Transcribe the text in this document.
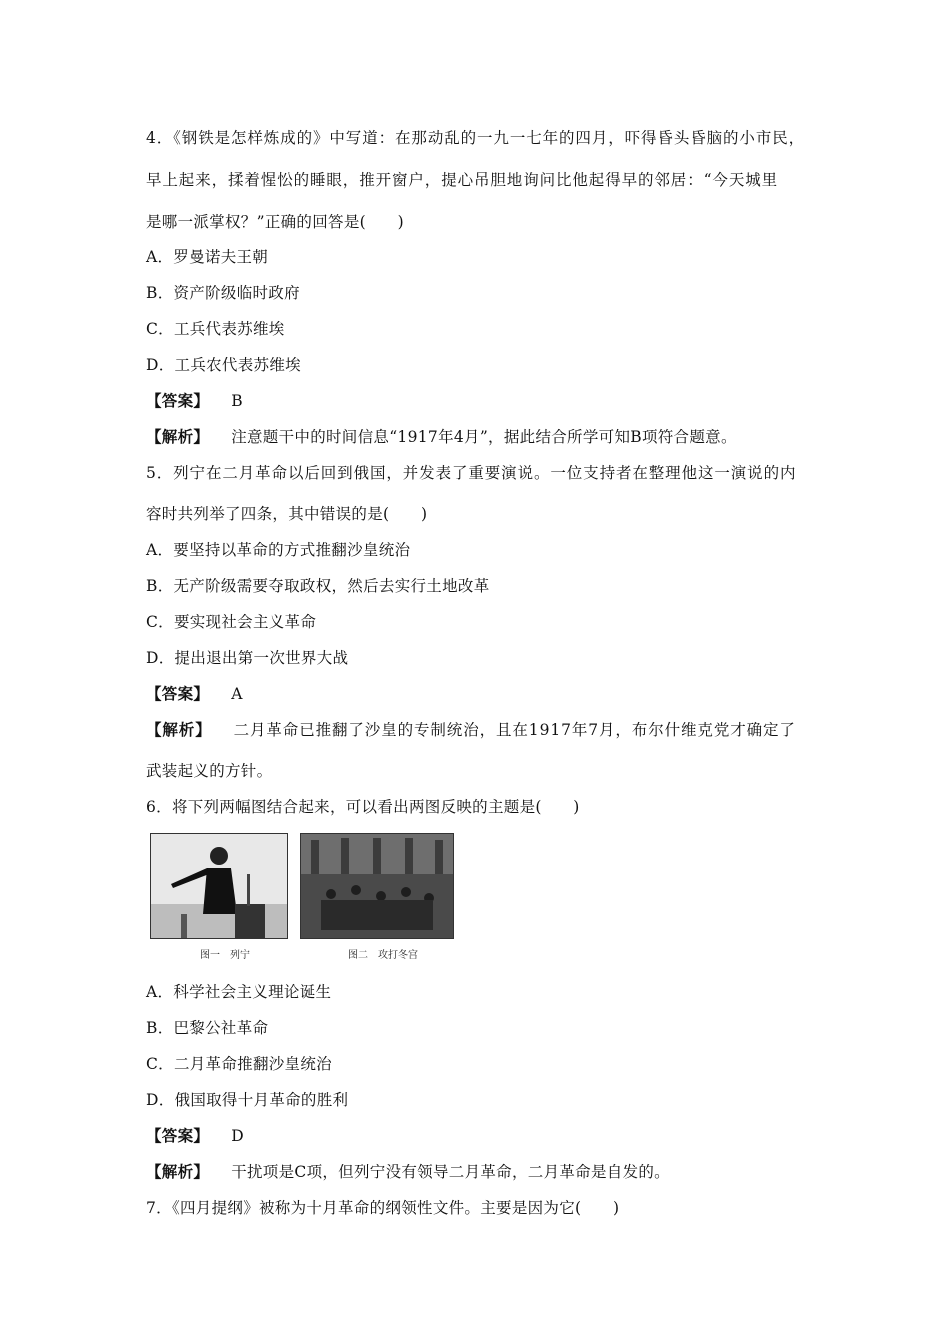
4．《钢铁是怎样炼成的》中写道：在那动乱的一九一七年的四月，吓得昏头昏脑的小市民，
早上起来，揉着惺忪的睡眼，推开窗户，提心吊胆地询问比他起得早的邻居：“今天城里
是哪一派掌权？”正确的回答是(　　)
A．罗曼诺夫王朝
B．资产阶级临时政府
C．工兵代表苏维埃
D．工兵农代表苏维埃
【答案】 B
【解析】 注意题干中的时间信息“1917年4月”，据此结合所学可知B项符合题意。
5．列宁在二月革命以后回到俄国，并发表了重要演说。一位支持者在整理他这一演说的内
容时共列举了四条，其中错误的是(　　)
A．要坚持以革命的方式推翻沙皇统治
B．无产阶级需要夺取政权，然后去实行土地改革
C．要实现社会主义革命
D．提出退出第一次世界大战
【答案】 A
【解析】 二月革命已推翻了沙皇的专制统治，且在1917年7月，布尔什维克党才确定了
武装起义的方针。
6．将下列两幅图结合起来，可以看出两图反映的主题是(　　)
图一　列宁	图二　攻打冬宫
A．科学社会主义理论诞生
B．巴黎公社革命
C．二月革命推翻沙皇统治
D．俄国取得十月革命的胜利
【答案】 D
【解析】 干扰项是C项，但列宁没有领导二月革命，二月革命是自发的。
7．《四月提纲》被称为十月革命的纲领性文件。主要是因为它(　　)
